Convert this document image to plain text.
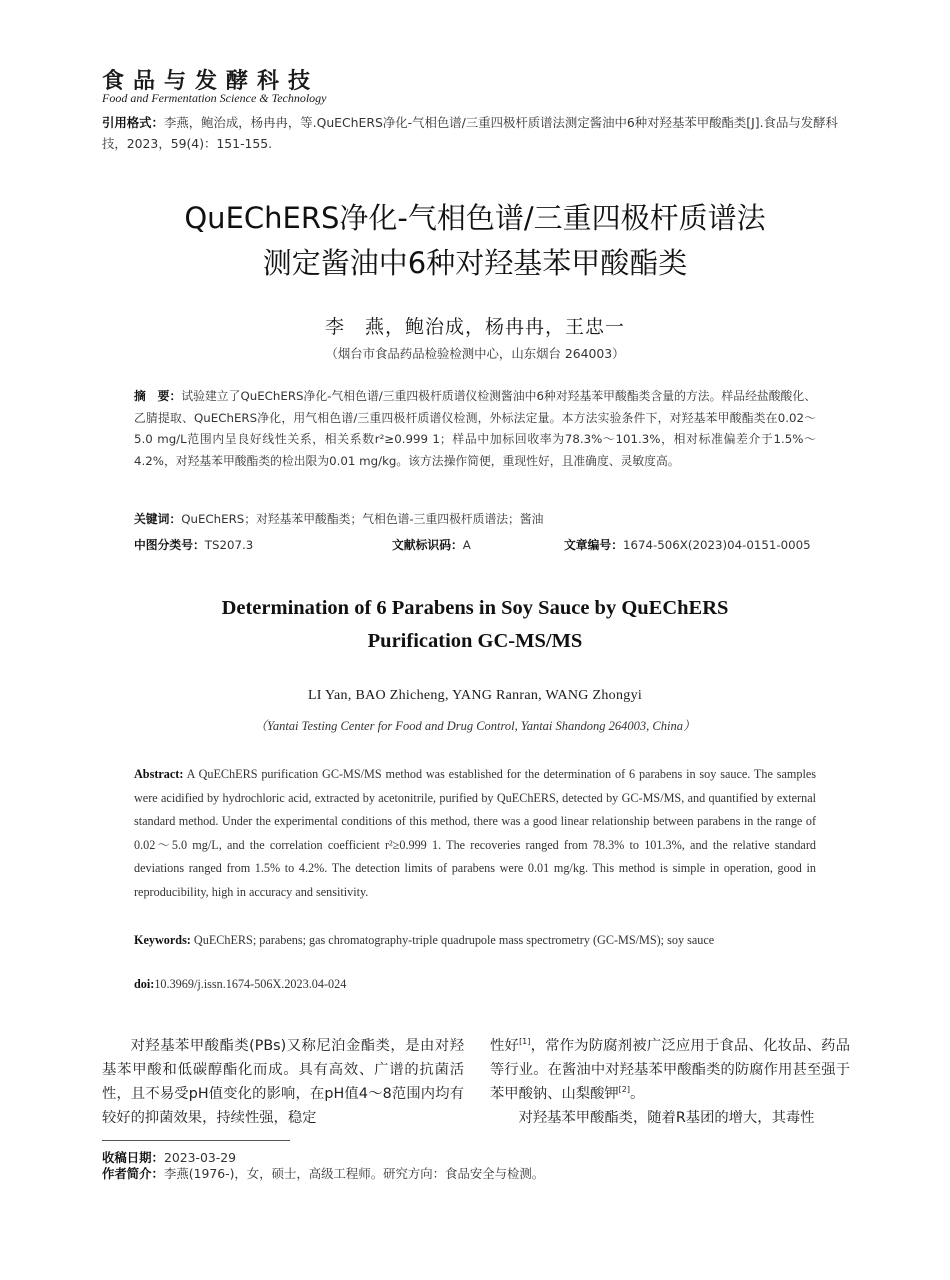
食品与发酵科技
Food and Fermentation Science & Technology
引用格式：李燕，鲍治成，杨冉冉，等.QuEChERS净化-气相色谱/三重四极杆质谱法测定酱油中6种对羟基苯甲酸酯类[J].食品与发酵科技，2023，59(4)：151-155.
QuEChERS净化-气相色谱/三重四极杆质谱法
测定酱油中6种对羟基苯甲酸酯类
李　燕，鲍治成，杨冉冉，王忠一
（烟台市食品药品检验检测中心，山东烟台 264003）
摘　要：试验建立了QuEChERS净化-气相色谱/三重四极杆质谱仪检测酱油中6种对羟基苯甲酸酯类含量的方法。样品经盐酸酸化、乙腈提取、QuEChERS净化，用气相色谱/三重四极杆质谱仪检测，外标法定量。本方法实验条件下，对羟基苯甲酸酯类在0.02～5.0 mg/L范围内呈良好线性关系，相关系数r²≥0.999 1；样品中加标回收率为78.3%～101.3%，相对标准偏差介于1.5%～4.2%，对羟基苯甲酸酯类的检出限为0.01 mg/kg。该方法操作简便，重现性好，且准确度、灵敏度高。
关键词：QuEChERS；对羟基苯甲酸酯类；气相色谱-三重四极杆质谱法；酱油
中图分类号：TS207.3	文献标识码：A	文章编号：1674-506X(2023)04-0151-0005
Determination of 6 Parabens in Soy Sauce by QuEChERS
Purification GC-MS/MS
LI Yan, BAO Zhicheng, YANG Ranran, WANG Zhongyi
（Yantai Testing Center for Food and Drug Control, Yantai Shandong 264003, China）
Abstract: A QuEChERS purification GC-MS/MS method was established for the determination of 6 parabens in soy sauce. The samples were acidified by hydrochloric acid, extracted by acetonitrile, purified by QuEChERS, detected by GC-MS/MS, and quantified by external standard method. Under the experimental conditions of this method, there was a good linear relationship between parabens in the range of 0.02～5.0 mg/L, and the correlation coefficient r²≥0.999 1. The recoveries ranged from 78.3% to 101.3%, and the relative standard deviations ranged from 1.5% to 4.2%. The detection limits of parabens were 0.01 mg/kg. This method is simple in operation, good in reproducibility, high in accuracy and sensitivity.
Keywords: QuEChERS; parabens; gas chromatography-triple quadrupole mass spectrometry (GC-MS/MS); soy sauce
doi:10.3969/j.issn.1674-506X.2023.04-024

对羟基苯甲酸酯类(PBs)又称尼泊金酯类，是由对羟基苯甲酸和低碳醇酯化而成。具有高效、广谱的抗菌活性，且不易受pH值变化的影响，在pH值4～8范围内均有较好的抑菌效果，持续性强，稳定

性好[1]，常作为防腐剂被广泛应用于食品、化妆品、药品等行业。在酱油中对羟基苯甲酸酯类的防腐作用甚至强于苯甲酸钠、山梨酸钾[2]。

对羟基苯甲酸酯类，随着R基团的增大，其毒性

收稿日期：2023-03-29
作者简介：李燕(1976-)，女，硕士，高级工程师。研究方向：食品安全与检测。
